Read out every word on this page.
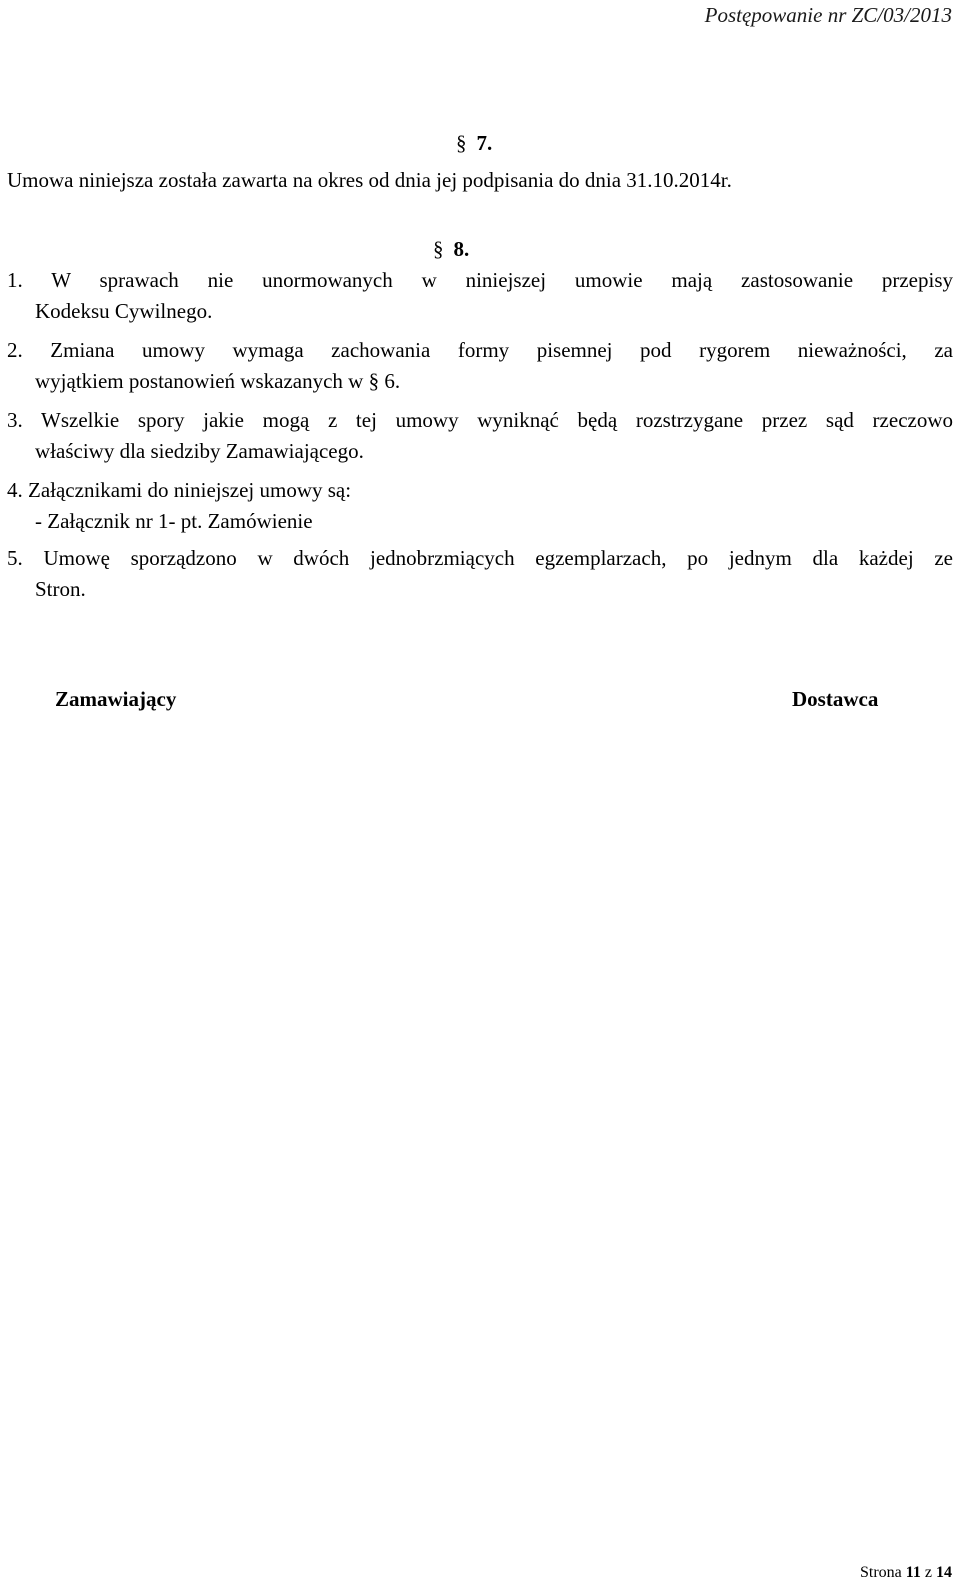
Postępowanie nr ZC/03/2013
§ 7.
Umowa niniejsza została zawarta na okres od dnia jej podpisania do dnia 31.10.2014r.
§ 8.
1. W sprawach nie unormowanych w niniejszej umowie mają zastosowanie przepisy
Kodeksu Cywilnego.
2. Zmiana umowy wymaga zachowania formy pisemnej pod rygorem nieważności, za
wyjątkiem postanowień wskazanych w § 6.
3. Wszelkie spory jakie mogą z tej umowy wyniknąć będą rozstrzygane przez sąd rzeczowo
właściwy dla siedziby Zamawiającego.
4. Załącznikami do niniejszej umowy są:
- Załącznik nr 1- pt. Zamówienie
5. Umowę sporządzono w dwóch jednobrzmiących egzemplarzach, po jednym dla każdej ze
Stron.
Zamawiający	Dostawca
Strona 11 z 14
